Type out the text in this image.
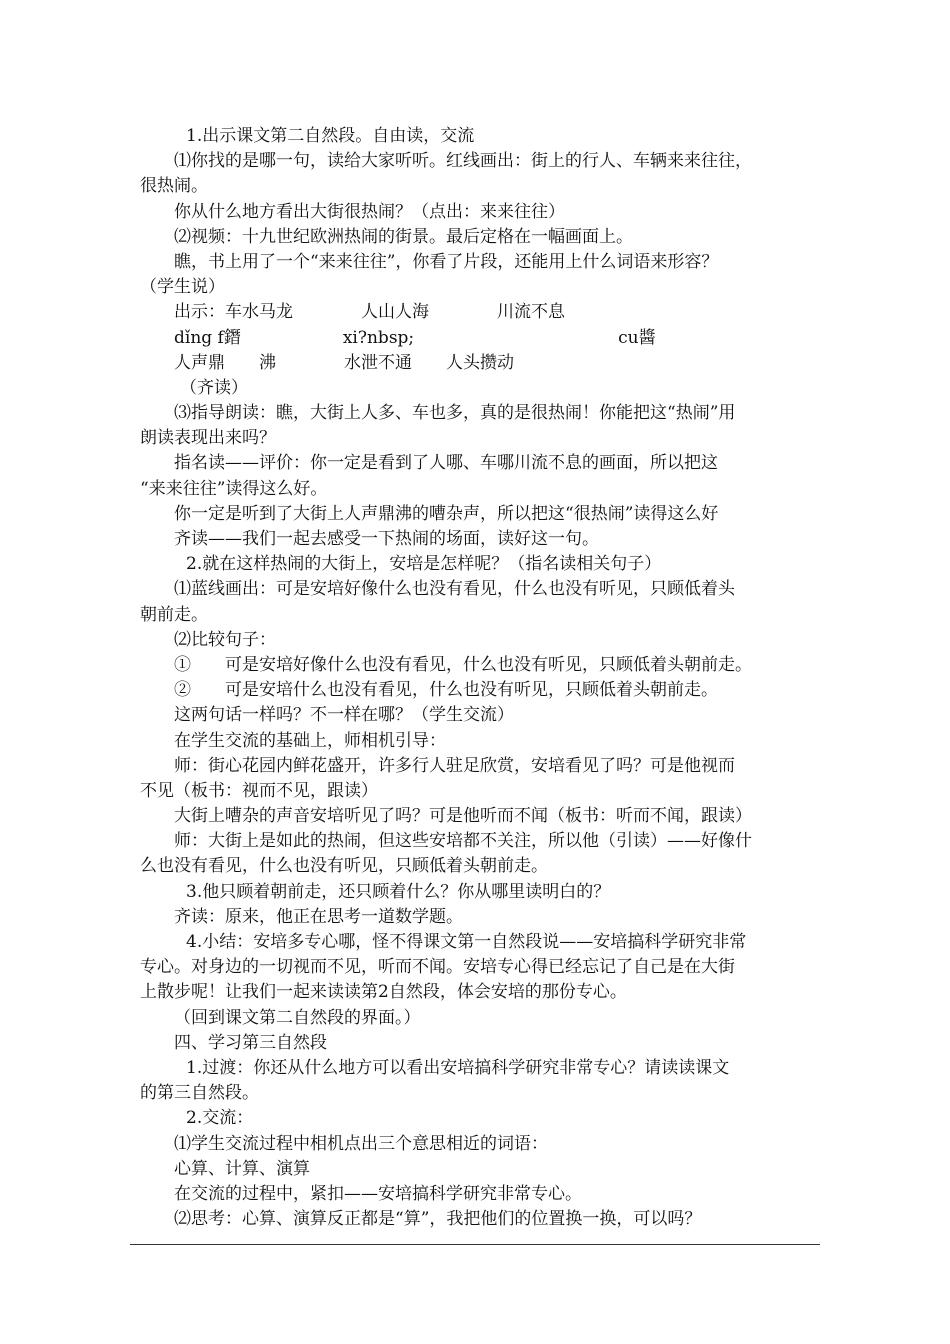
1.出示课文第二自然段。自由读，交流
⑴你找的是哪一句，读给大家听听。红线画出：街上的行人、车辆来来往往，
很热闹。
你从什么地方看出大街很热闹？（点出：来来往往）
⑵视频：十九世纪欧洲热闹的街景。最后定格在一幅画面上。
瞧，书上用了一个“来来往往”，你看了片段，还能用上什么词语来形容？
（学生说）
出示：车水马龙　　　　人山人海　　　　川流不息
dǐng f鐕　　　　　　xi?nbsp;　　　　　　　　　　　　cu醬
人声鼎　　沸　　　　水泄不通　　人头攒动
（齐读）
⑶指导朗读：瞧，大街上人多、车也多，真的是很热闹！你能把这“热闹”用
朗读表现出来吗？
指名读——评价：你一定是看到了人哪、车哪川流不息的画面，所以把这
“来来往往”读得这么好。
你一定是听到了大街上人声鼎沸的嘈杂声，所以把这“很热闹”读得这么好
齐读——我们一起去感受一下热闹的场面，读好这一句。
2.就在这样热闹的大街上，安培是怎样呢？（指名读相关句子）
⑴蓝线画出：可是安培好像什么也没有看见，什么也没有听见，只顾低着头
朝前走。
⑵比较句子：
①　　可是安培好像什么也没有看见，什么也没有听见，只顾低着头朝前走。
②　　可是安培什么也没有看见，什么也没有听见，只顾低着头朝前走。
这两句话一样吗？不一样在哪？（学生交流）
在学生交流的基础上，师相机引导：
师：街心花园内鲜花盛开，许多行人驻足欣赏，安培看见了吗？可是他视而
不见（板书：视而不见，跟读）
大街上嘈杂的声音安培听见了吗？可是他听而不闻（板书：听而不闻，跟读）
师：大街上是如此的热闹，但这些安培都不关注，所以他（引读）——好像什
么也没有看见，什么也没有听见，只顾低着头朝前走。
3.他只顾着朝前走，还只顾着什么？你从哪里读明白的？
齐读：原来，他正在思考一道数学题。
4.小结：安培多专心哪，怪不得课文第一自然段说——安培搞科学研究非常
专心。对身边的一切视而不见，听而不闻。安培专心得已经忘记了自己是在大街
上散步呢！让我们一起来读读第2自然段，体会安培的那份专心。
（回到课文第二自然段的界面。）
四、学习第三自然段
1.过渡：你还从什么地方可以看出安培搞科学研究非常专心？请读读课文
的第三自然段。
2.交流：
⑴学生交流过程中相机点出三个意思相近的词语：
心算、计算、演算
在交流的过程中，紧扣——安培搞科学研究非常专心。
⑵思考：心算、演算反正都是“算”，我把他们的位置换一换，可以吗？
